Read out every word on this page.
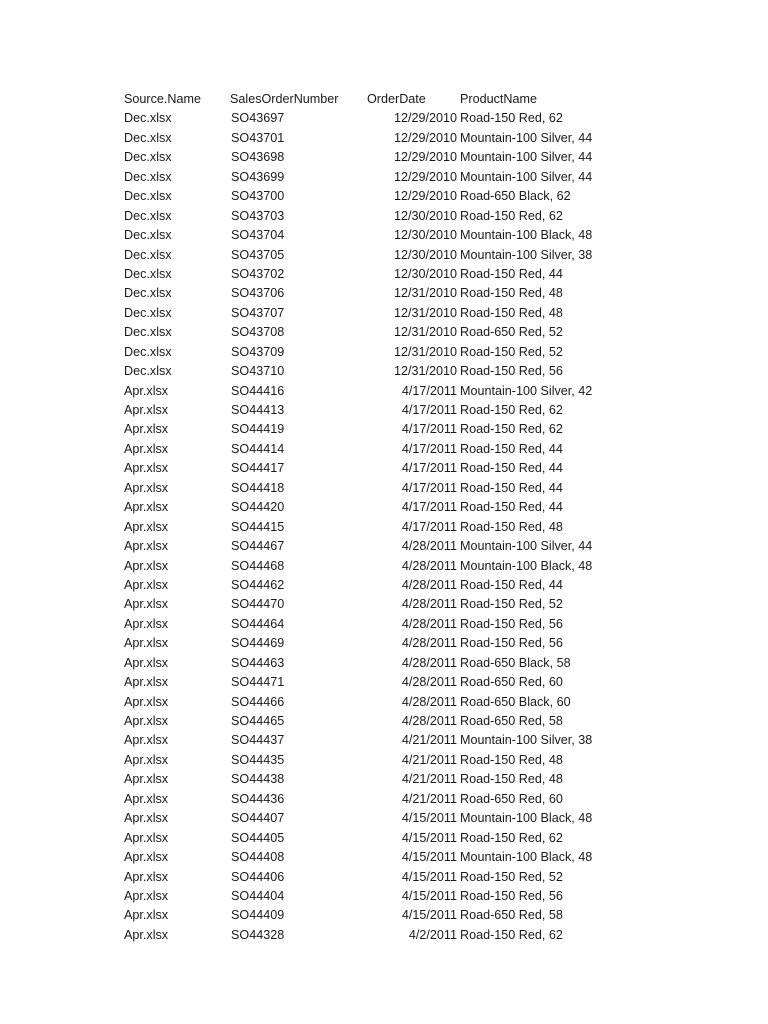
Source.Name	SalesOrderNumber	OrderDate	ProductName
Dec.xlsx	SO43697	12/29/2010 Road-150 Red, 62
Dec.xlsx	SO43701	12/29/2010 Mountain-100 Silver, 44
Dec.xlsx	SO43698	12/29/2010 Mountain-100 Silver, 44
Dec.xlsx	SO43699	12/29/2010 Mountain-100 Silver, 44
Dec.xlsx	SO43700	12/29/2010 Road-650 Black, 62
Dec.xlsx	SO43703	12/30/2010 Road-150 Red, 62
Dec.xlsx	SO43704	12/30/2010 Mountain-100 Black, 48
Dec.xlsx	SO43705	12/30/2010 Mountain-100 Silver, 38
Dec.xlsx	SO43702	12/30/2010 Road-150 Red, 44
Dec.xlsx	SO43706	12/31/2010 Road-150 Red, 48
Dec.xlsx	SO43707	12/31/2010 Road-150 Red, 48
Dec.xlsx	SO43708	12/31/2010 Road-650 Red, 52
Dec.xlsx	SO43709	12/31/2010 Road-150 Red, 52
Dec.xlsx	SO43710	12/31/2010 Road-150 Red, 56
Apr.xlsx	SO44416	4/17/2011 Mountain-100 Silver, 42
Apr.xlsx	SO44413	4/17/2011 Road-150 Red, 62
Apr.xlsx	SO44419	4/17/2011 Road-150 Red, 62
Apr.xlsx	SO44414	4/17/2011 Road-150 Red, 44
Apr.xlsx	SO44417	4/17/2011 Road-150 Red, 44
Apr.xlsx	SO44418	4/17/2011 Road-150 Red, 44
Apr.xlsx	SO44420	4/17/2011 Road-150 Red, 44
Apr.xlsx	SO44415	4/17/2011 Road-150 Red, 48
Apr.xlsx	SO44467	4/28/2011 Mountain-100 Silver, 44
Apr.xlsx	SO44468	4/28/2011 Mountain-100 Black, 48
Apr.xlsx	SO44462	4/28/2011 Road-150 Red, 44
Apr.xlsx	SO44470	4/28/2011 Road-150 Red, 52
Apr.xlsx	SO44464	4/28/2011 Road-150 Red, 56
Apr.xlsx	SO44469	4/28/2011 Road-150 Red, 56
Apr.xlsx	SO44463	4/28/2011 Road-650 Black, 58
Apr.xlsx	SO44471	4/28/2011 Road-650 Red, 60
Apr.xlsx	SO44466	4/28/2011 Road-650 Black, 60
Apr.xlsx	SO44465	4/28/2011 Road-650 Red, 58
Apr.xlsx	SO44437	4/21/2011 Mountain-100 Silver, 38
Apr.xlsx	SO44435	4/21/2011 Road-150 Red, 48
Apr.xlsx	SO44438	4/21/2011 Road-150 Red, 48
Apr.xlsx	SO44436	4/21/2011 Road-650 Red, 60
Apr.xlsx	SO44407	4/15/2011 Mountain-100 Black, 48
Apr.xlsx	SO44405	4/15/2011 Road-150 Red, 62
Apr.xlsx	SO44408	4/15/2011 Mountain-100 Black, 48
Apr.xlsx	SO44406	4/15/2011 Road-150 Red, 52
Apr.xlsx	SO44404	4/15/2011 Road-150 Red, 56
Apr.xlsx	SO44409	4/15/2011 Road-650 Red, 58
Apr.xlsx	SO44328	4/2/2011 Road-150 Red, 62
